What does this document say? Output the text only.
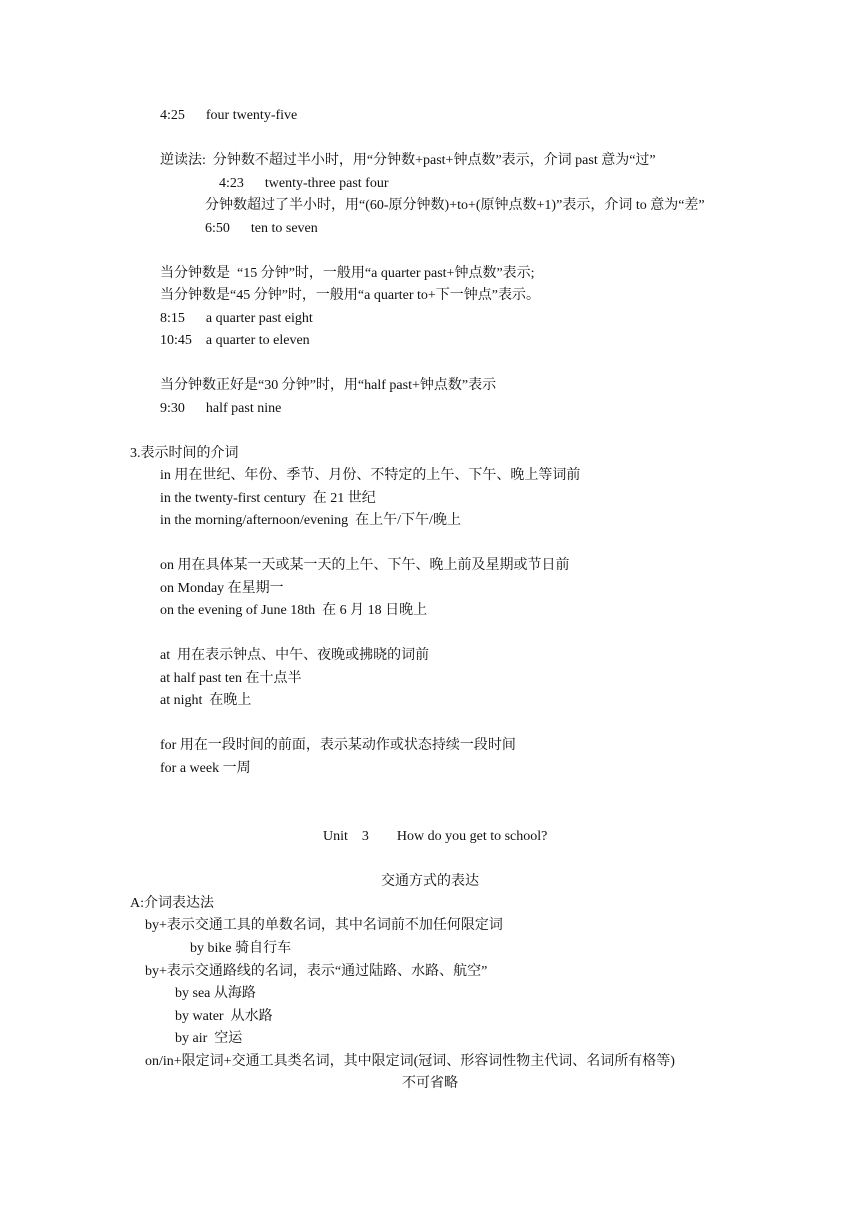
4:25      four twenty-five
逆读法:  分钟数不超过半小时，用“分钟数+past+钟点数”表示，介词 past 意为“过”
4:23      twenty-three past four
分钟数超过了半小时，用“(60-原分钟数)+to+(原钟点数+1)”表示，介词 to 意为“差”
6:50      ten to seven
当分钟数是  “15 分钟”时，一般用“a quarter past+钟点数”表示;
当分钟数是“45 分钟”时，一般用“a quarter to+下一钟点”表示。
8:15      a quarter past eight
10:45    a quarter to eleven
当分钟数正好是“30 分钟”时，用“half past+钟点数”表示
9:30      half past nine
3.表示时间的介词
in 用在世纪、年份、季节、月份、不特定的上午、下午、晚上等词前
in the twenty-first century  在 21 世纪
in the morning/afternoon/evening  在上午/下午/晚上
on 用在具体某一天或某一天的上午、下午、晚上前及星期或节日前
on Monday 在星期一
on the evening of June 18th  在 6 月 18 日晚上
at  用在表示钟点、中午、夜晚或拂晓的词前
at half past ten 在十点半
at night  在晚上
for 用在一段时间的前面，表示某动作或状态持续一段时间
for a week 一周
Unit    3        How do you get to school?
交通方式的表达
A:介词表达法
by+表示交通工具的单数名词，其中名词前不加任何限定词
by bike 骑自行车
by+表示交通路线的名词，表示“通过陆路、水路、航空”
by sea 从海路
by water  从水路
by air  空运
on/in+限定词+交通工具类名词，其中限定词(冠词、形容词性物主代词、名词所有格等)
不可省略
